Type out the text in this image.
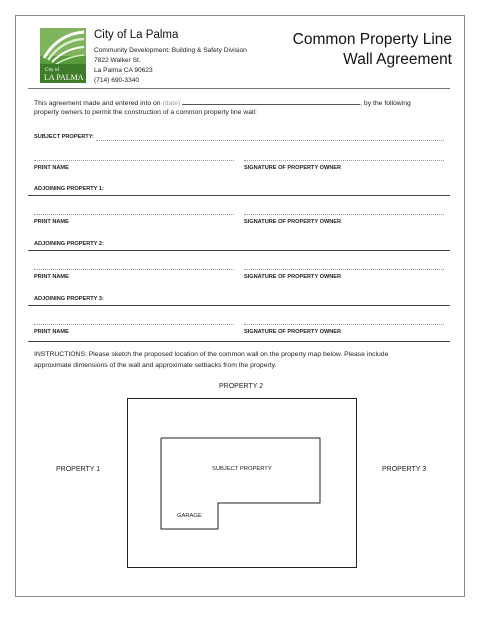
City of
LA PALMA
City of La Palma
Community Development: Building & Safety Division
7822 Walker St.
La Palma CA 90623
(714) 690-3340
Common Property Line
Wall Agreement
This agreement made and entered into on (date)	, by the following
property owners to permit the construction of a common property line wall:
SUBJECT PROPERTY:
PRINT NAME	SIGNATURE OF PROPERTY OWNER
ADJOINING PROPERTY 1:
PRINT NAME	SIGNATURE OF PROPERTY OWNER
ADJOINING PROPERTY 2:
PRINT NAME	SIGNATURE OF PROPERTY OWNER
ADJOINING PROPERTY 3:
PRINT NAME	SIGNATURE OF PROPERTY OWNER
INSTRUCTIONS: Please sketch the proposed location of the common wall on the property map below. Please include
approximate dimensions of the wall and approximate setbacks from the property.
PROPERTY 2
PROPERTY 1	PROPERTY 3
SUBJECT PROPERTY
GARAGE
